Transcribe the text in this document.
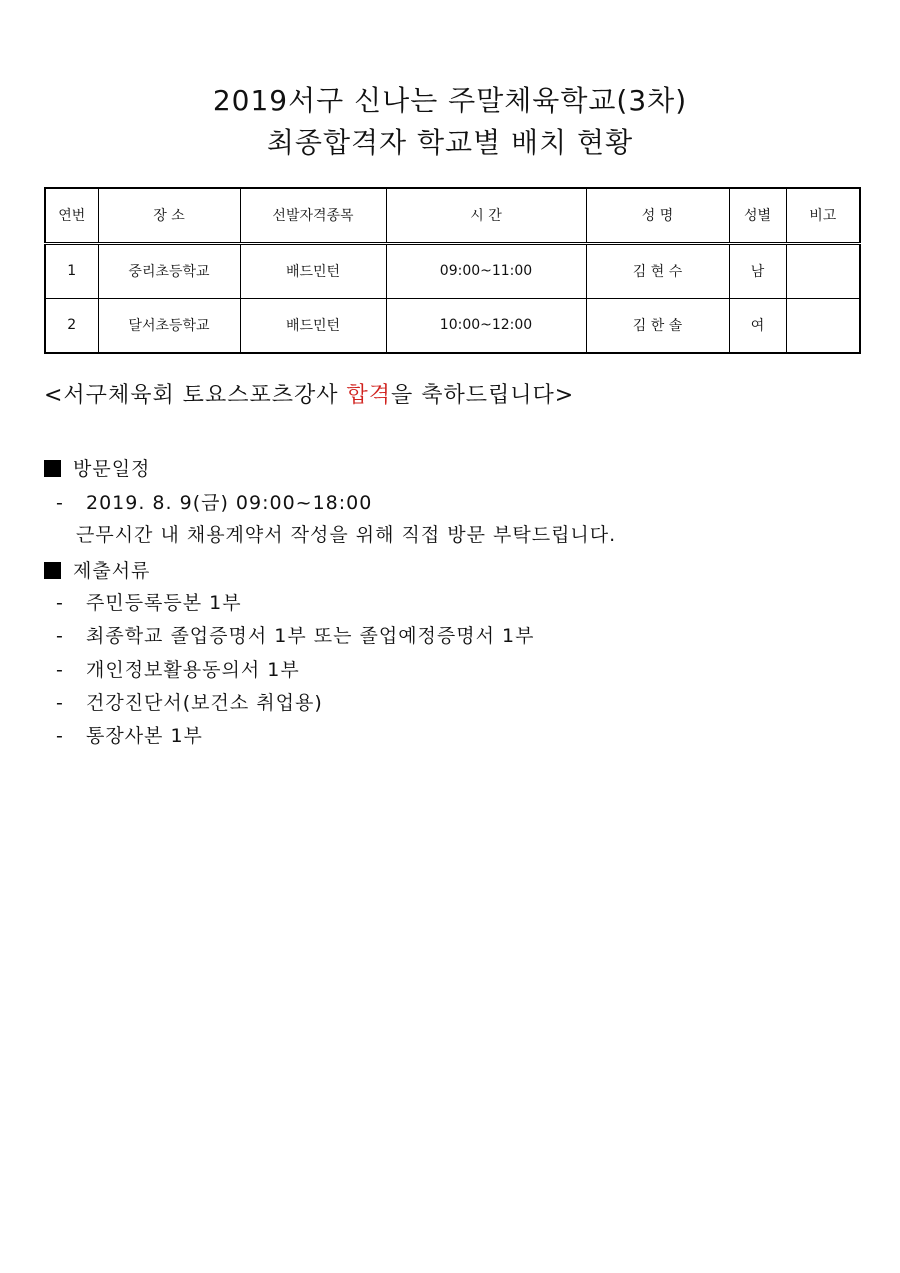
2019서구 신나는 주말체육학교(3차)
최종합격자 학교별 배치 현황
연번	장 소	선발자격종목	시 간	성 명	성별	비고
1	중리초등학교	배드민턴	09:00~11:00	김 현 수	남	
2	달서초등학교	배드민턴	10:00~12:00	김 한 솔	여	
<서구체육회 토요스포츠강사 합격을 축하드립니다>
방문일정
- 2019. 8. 9(금) 09:00~18:00
근무시간 내 채용계약서 작성을 위해 직접 방문 부탁드립니다.
제출서류
- 주민등록등본 1부
- 최종학교 졸업증명서 1부 또는 졸업예정증명서 1부
- 개인정보활용동의서 1부
- 건강진단서(보건소 취업용)
- 통장사본 1부
